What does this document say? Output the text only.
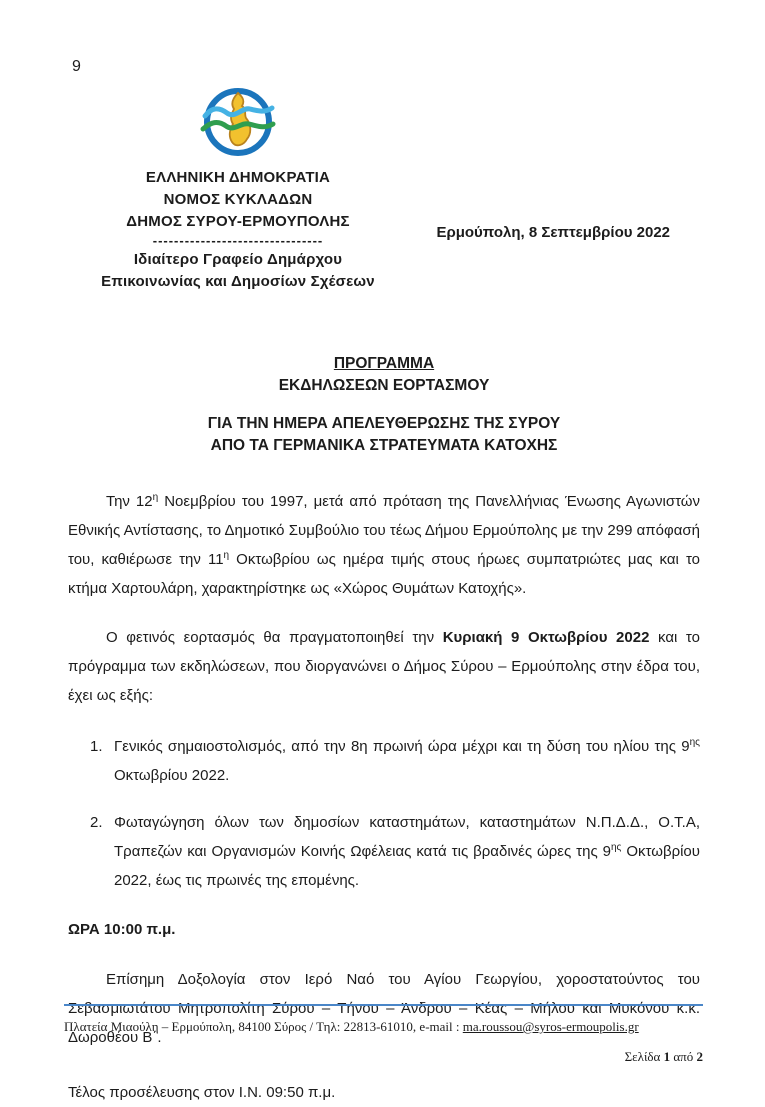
9
ΕΛΛΗΝΙΚΗ ΔΗΜΟΚΡΑΤΙΑ
ΝΟΜΟΣ ΚΥΚΛΑΔΩΝ
ΔΗΜΟΣ ΣΥΡΟΥ-ΕΡΜΟΥΠΟΛΗΣ
--------------------------------
Ιδιαίτερο Γραφείο Δημάρχου
Επικοινωνίας και Δημοσίων Σχέσεων
Ερμούπολη, 8 Σεπτεμβρίου 2022
ΠΡΟΓΡΑΜΜΑ
ΕΚΔΗΛΩΣΕΩΝ ΕΟΡΤΑΣΜΟΥ
ΓΙΑ ΤΗΝ ΗΜΕΡΑ ΑΠΕΛΕΥΘΕΡΩΣΗΣ ΤΗΣ ΣΥΡΟΥ
ΑΠΟ ΤΑ ΓΕΡΜΑΝΙΚΑ ΣΤΡΑΤΕΥΜΑΤΑ ΚΑΤΟΧΗΣ

Την $12^\eta$ Νοεμβρίου του 1997, μετά από πρόταση της Πανελλήνιας Ένωσης Αγωνιστών Εθνικής Αντίστασης, το Δημοτικό Συμβούλιο του τέως Δήμου Ερμούπολης με την 299 απόφασή του, καθιέρωσε την $11^\eta$ Οκτωβρίου ως ημέρα τιμής στους ήρωες συμπατριώτες μας και το κτήμα Χαρτουλάρη, χαρακτηρίστηκε ως «Χώρος Θυμάτων Κατοχής».

Ο φετινός εορτασμός θα πραγματοποιηθεί την Κυριακή 9 Οκτωβρίου 2022 και το πρόγραμμα των εκδηλώσεων, που διοργανώνει ο Δήμος Σύρου – Ερμούπολης στην έδρα του, έχει ως εξής:

1. Γενικός σημαιοστολισμός, από την 8η πρωινή ώρα μέχρι και τη δύση του ηλίου της $9^{\eta\varsigma}$ Οκτωβρίου 2022.
2. Φωταγώγηση όλων των δημοσίων καταστημάτων, καταστημάτων Ν.Π.Δ.Δ., Ο.Τ.Α, Τραπεζών και Οργανισμών Κοινής Ωφέλειας κατά τις βραδινές ώρες της $9^{\eta\varsigma}$ Οκτωβρίου 2022, έως τις πρωινές της επομένης.
ΩΡΑ 10:00 π.μ.

Επίσημη Δοξολογία στον Ιερό Ναό του Αγίου Γεωργίου, χοροστατούντος του Σεβασμιωτάτου Μητροπολίτη Σύρου – Τήνου – Άνδρου – Κέας – Μήλου και Μυκόνου κ.κ. Δωροθέου Β΄.

Τέλος προσέλευσης στον Ι.Ν. 09:50 π.μ.

Πλατεία Μιαούλη – Ερμούπολη, 84100 Σύρος / Τηλ: 22813-61010, e-mail : ma.roussou@syros-ermoupolis.gr
Σελίδα 1 από 2
